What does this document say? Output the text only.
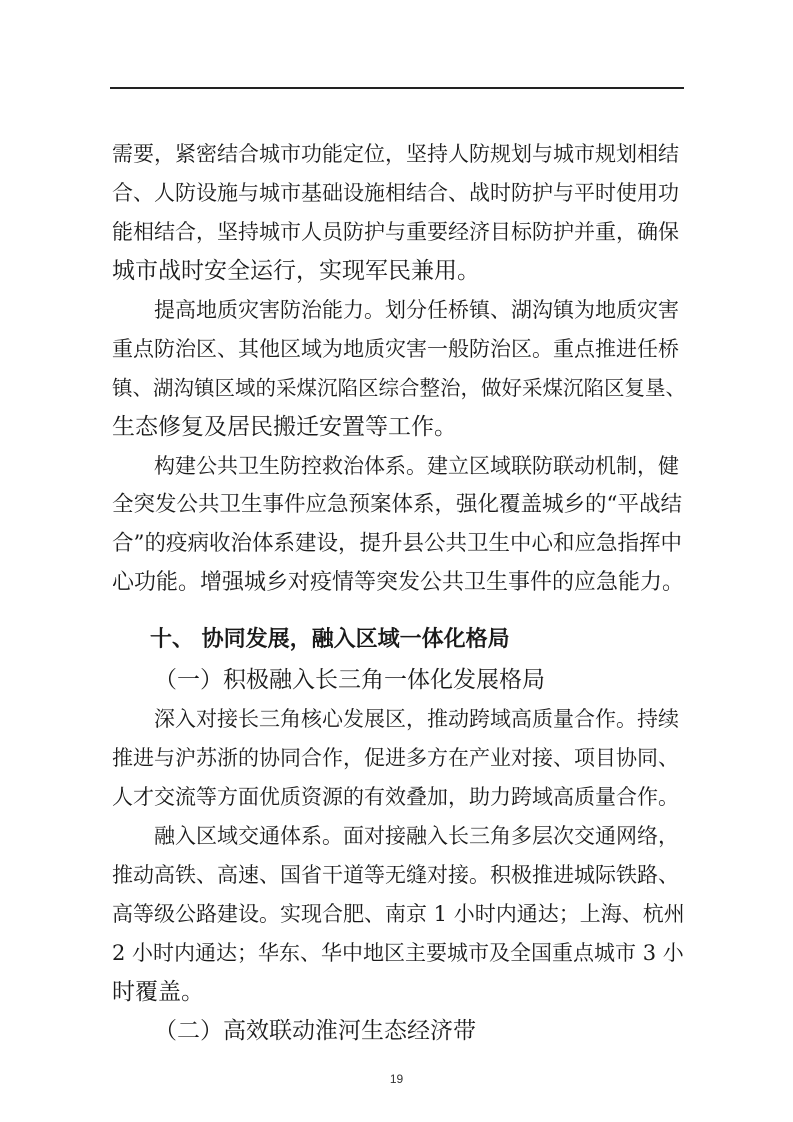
需要，紧密结合城市功能定位，坚持人防规划与城市规划相结
合、人防设施与城市基础设施相结合、战时防护与平时使用功
能相结合，坚持城市人员防护与重要经济目标防护并重，确保
城市战时安全运行，实现军民兼用。
提高地质灾害防治能力。划分任桥镇、湖沟镇为地质灾害
重点防治区、其他区域为地质灾害一般防治区。重点推进任桥
镇、湖沟镇区域的采煤沉陷区综合整治，做好采煤沉陷区复垦、
生态修复及居民搬迁安置等工作。
构建公共卫生防控救治体系。建立区域联防联动机制，健
全突发公共卫生事件应急预案体系，强化覆盖城乡的“平战结
合”的疫病收治体系建设，提升县公共卫生中心和应急指挥中
心功能。增强城乡对疫情等突发公共卫生事件的应急能力。
十、 协同发展，融入区域一体化格局
（一）积极融入长三角一体化发展格局
深入对接长三角核心发展区，推动跨域高质量合作。持续
推进与沪苏浙的协同合作，促进多方在产业对接、项目协同、
人才交流等方面优质资源的有效叠加，助力跨域高质量合作。
融入区域交通体系。面对接融入长三角多层次交通网络，
推动高铁、高速、国省干道等无缝对接。积极推进城际铁路、
高等级公路建设。实现合肥、南京 1 小时内通达；上海、杭州
2 小时内通达；华东、华中地区主要城市及全国重点城市 3 小
时覆盖。
（二）高效联动淮河生态经济带
19
